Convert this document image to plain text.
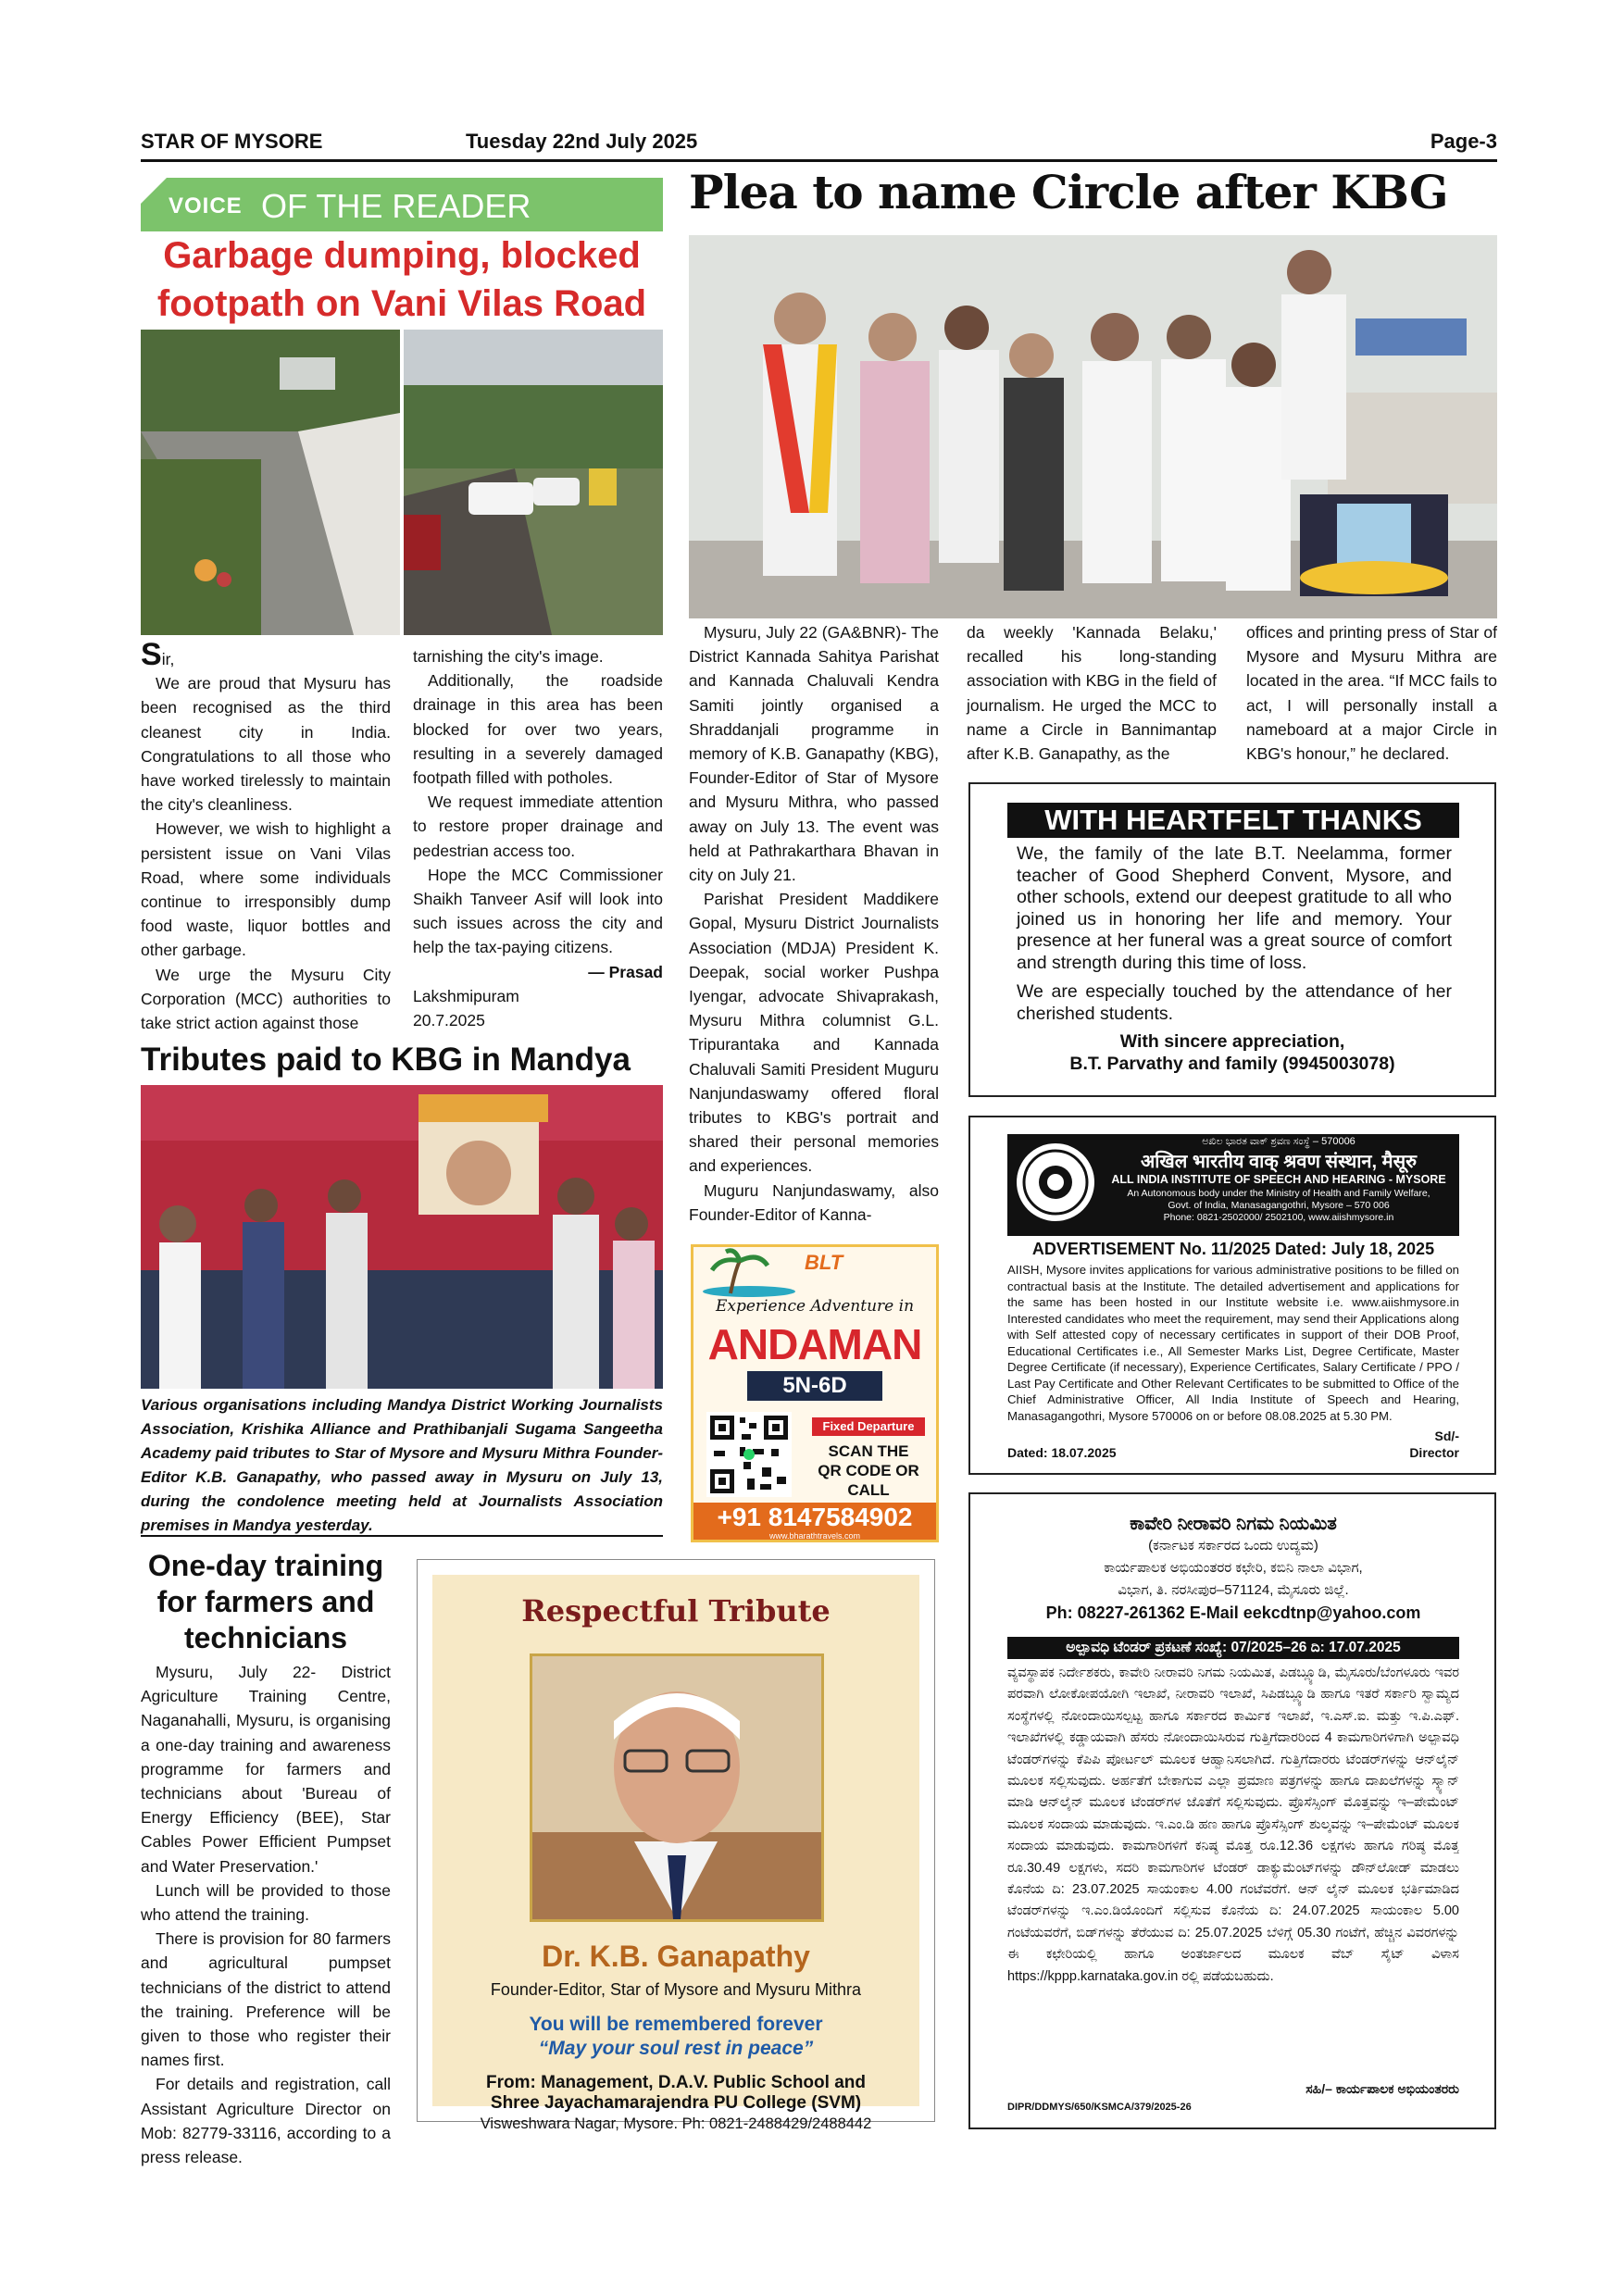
STAR OF MYSORE	Tuesday 22nd July 2025	Page-3
VOICE OF THE READER
Garbage dumping, blocked
footpath on Vani Vilas Road

Sir,

We are proud that Mysuru has been recognised as the third cleanest city in India. Congratulations to all those who have worked tirelessly to maintain the city's cleanliness.

However, we wish to highlight a persistent issue on Vani Vilas Road, where some individuals continue to irresponsibly dump food waste, liquor bottles and other garbage.

We urge the Mysuru City Corporation (MCC) authorities to take strict action against those

tarnishing the city's image.

Additionally, the roadside drainage in this area has been blocked for over two years, resulting in a severely damaged footpath filled with potholes.

We request immediate attention to restore proper drainage and pedestrian access too.

Hope the MCC Commissioner Shaikh Tanveer Asif will look into such issues across the city and help the tax-paying citizens.

— Prasad

Lakshmipuram

20.7.2025

Tributes paid to KBG in Mandya
Various organisations including Mandya District Working Journalists Association, Krishika Alliance and Prathibanjali Sugama Sangeetha Academy paid tributes to Star of Mysore and Mysuru Mithra Founder-Editor K.B. Ganapathy, who passed away in Mysuru on July 13, during the condolence meeting held at Journalists Association premises in Mandya yesterday.
One-day training
for farmers and
technicians

Mysuru, July 22- District Agriculture Training Centre, Naganahalli, Mysuru, is organising a one-day training and awareness programme for farmers and technicians about 'Bureau of Energy Efficiency (BEE), Star Cables Power Efficient Pumpset and Water Preservation.'

Lunch will be provided to those who attend the training.

There is provision for 80 farmers and agricultural pumpset technicians of the district to attend the training. Preference will be given to those who register their names first.

For details and registration, call Assistant Agriculture Director on Mob: 82779-33116, according to a press release.

Respectful Tribute
Dr. K.B. Ganapathy
Founder-Editor, Star of Mysore and Mysuru Mithra
You will be remembered forever
“May your soul rest in peace”
From: Management, D.A.V. Public School and
Shree Jayachamarajendra PU College (SVM)
Visweshwara Nagar, Mysore. Ph: 0821-2488429/2488442
Plea to name Circle after KBG

Mysuru, July 22 (GA&BNR)- The District Kannada Sahitya Parishat and Kannada Chaluvali Kendra Samiti jointly organised a Shraddanjali programme in memory of K.B. Ganapathy (KBG), Founder-Editor of Star of Mysore and Mysuru Mithra, who passed away on July 13. The event was held at Pathrakarthara Bhavan in city on July 21.

Parishat President Maddikere Gopal, Mysuru District Journalists Association (MDJA) President K. Deepak, social worker Pushpa Iyengar, advocate Shivaprakash, Mysuru Mithra columnist G.L. Tripurantaka and Kannada Chaluvali Samiti President Muguru Nanjundaswamy offered floral tributes to KBG's portrait and shared their personal memories and experiences.

Muguru Nanjundaswamy, also Founder-Editor of Kanna-

da weekly 'Kannada Belaku,' recalled his long-standing association with KBG in the field of journalism. He urged the MCC to name a Circle in Bannimantap after K.B. Ganapathy, as the

offices and printing press of Star of Mysore and Mysuru Mithra are located in the area. “If MCC fails to act, I will personally install a nameboard at a major Circle in KBG's honour,” he declared.

WITH HEARTFELT THANKS

We, the family of the late B.T. Neelamma, former teacher of Good Shepherd Convent, Mysore, and other schools, extend our deepest gratitude to all who joined us in honoring her life and memory. Your presence at her funeral was a great source of comfort and strength during this time of loss.

We are especially touched by the attendance of her cherished students.

With sincere appreciation,
B.T. Parvathy and family (9945003078)
BLT
Experience Adventure in
ANDAMAN
5N-6D
Fixed Departure
SCAN THE
QR CODE OR CALL
+91 8147584902
www.bharathtravels.com
ಅಖಿಲ ಭಾರತ ವಾಕ್ ಶ್ರವಣ ಸಂಸ್ಥೆ – 570006
अखिल भारतीय वाक् श्रवण संस्थान, मैसूरु
ALL INDIA INSTITUTE OF SPEECH AND HEARING - MYSORE
An Autonomous body under the Ministry of Health and Family Welfare,
Govt. of India, Manasagangothri, Mysore – 570 006
Phone: 0821-2502000/ 2502100, www.aiishmysore.in
ADVERTISEMENT No. 11/2025 Dated: July 18, 2025
AIISH, Mysore invites applications for various administrative positions to be filled on contractual basis at the Institute. The detailed advertisement and applications for the same has been hosted in our Institute website i.e. www.aiishmysore.in Interested candidates who meet the requirement, may send their Applications along with Self attested copy of necessary certificates in support of their DOB Proof, Educational Certificates i.e., All Semester Marks List, Degree Certificate, Master Degree Certificate (if necessary), Experience Certificates, Salary Certificate / PPO / Last Pay Certificate and Other Relevant Certificates to be submitted to Office of the Chief Administrative Officer, All India Institute of Speech and Hearing, Manasagangothri, Mysore 570006 on or before 08.08.2025 at 5.30 PM.
Sd/-
Dated: 18.07.2025	Director
ಕಾವೇರಿ ನೀರಾವರಿ ನಿಗಮ ನಿಯಮಿತ
(ಕರ್ನಾಟಕ ಸರ್ಕಾರದ ಒಂದು ಉದ್ಯಮ)
ಕಾರ್ಯಪಾಲಕ ಅಭಿಯಂತರರ ಕಛೇರಿ, ಕಬಿನಿ ನಾಲಾ ವಿಭಾಗ,
ವಿಭಾಗ, ತಿ. ನರಸೀಪುರ–571124, ಮೈಸೂರು ಜಿಲ್ಲೆ.
Ph: 08227-261362 E-Mail eekcdtnp@yahoo.com
ಅಲ್ಪಾವಧಿ ಟೆಂಡರ್ ಪ್ರಕಟಣೆ ಸಂಖ್ಯೆ: 07/2025–26 ದಿ: 17.07.2025
ವ್ಯವಸ್ಥಾಪಕ ನಿರ್ದೇಶಕರು, ಕಾವೇರಿ ನೀರಾವರಿ ನಿಗಮ ನಿಯಮಿತ, ಪಿಡಬ್ಲ್ಯೂಡಿ, ಮೈಸೂರು/ಬೆಂಗಳೂರು ಇವರ ಪರವಾಗಿ ಲೋಕೋಪಯೋಗಿ ಇಲಾಖೆ, ನೀರಾವರಿ ಇಲಾಖೆ, ಸಿಪಿಡಬ್ಲ್ಯೂಡಿ ಹಾಗೂ ಇತರೆ ಸರ್ಕಾರಿ ಸ್ವಾಮ್ಯದ ಸಂಸ್ಥೆಗಳಲ್ಲಿ ನೋಂದಾಯಿಸಲ್ಪಟ್ಟ ಹಾಗೂ ಸರ್ಕಾರದ ಕಾರ್ಮಿಕ ಇಲಾಖೆ, ಇ.ಎಸ್.ಐ. ಮತ್ತು ಇ.ಪಿ.ಎಫ್. ಇಲಾಖೆಗಳಲ್ಲಿ ಕಡ್ಡಾಯವಾಗಿ ಹೆಸರು ನೋಂದಾಯಿಸಿರುವ ಗುತ್ತಿಗೆದಾರರಿಂದ 4 ಕಾಮಗಾರಿಗಳಿಗಾಗಿ ಅಲ್ಪಾವಧಿ ಟೆಂಡರ್‌ಗಳನ್ನು ಕೆಪಿಪಿ ಪೋರ್ಟಲ್ ಮೂಲಕ ಆಹ್ವಾನಿಸಲಾಗಿದೆ. ಗುತ್ತಿಗೆದಾರರು ಟೆಂಡರ್‌ಗಳನ್ನು ಆನ್‌ಲೈನ್ ಮೂಲಕ ಸಲ್ಲಿಸುವುದು. ಅರ್ಹತೆಗೆ ಬೇಕಾಗುವ ಎಲ್ಲಾ ಪ್ರಮಾಣ ಪತ್ರಗಳನ್ನು ಹಾಗೂ ದಾಖಲೆಗಳನ್ನು ಸ್ಕ್ಯಾನ್ ಮಾಡಿ ಆನ್‌ಲೈನ್ ಮೂಲಕ ಟೆಂಡರ್‌ಗಳ ಜೊತೆಗೆ ಸಲ್ಲಿಸುವುದು. ಪ್ರೊಸೆಸ್ಸಿಂಗ್ ಮೊತ್ತವನ್ನು ಇ–ಪೇಮೆಂಟ್ ಮೂಲಕ ಸಂದಾಯ ಮಾಡುವುದು. ಇ.ಎಂ.ಡಿ ಹಣ ಹಾಗೂ ಪ್ರೊಸೆಸ್ಸಿಂಗ್ ಶುಲ್ಕವನ್ನು ಇ–ಪೇಮೆಂಟ್ ಮೂಲಕ ಸಂದಾಯ ಮಾಡುವುದು. ಕಾಮಗಾರಿಗಳಿಗೆ ಕನಿಷ್ಠ ಮೊತ್ತ ರೂ.12.36 ಲಕ್ಷಗಳು ಹಾಗೂ ಗರಿಷ್ಠ ಮೊತ್ತ ರೂ.30.49 ಲಕ್ಷಗಳು, ಸದರಿ ಕಾಮಗಾರಿಗಳ ಟೆಂಡರ್ ಡಾಕ್ಯುಮೆಂಟ್‌ಗಳನ್ನು ಡೌನ್‌ಲೋಡ್ ಮಾಡಲು ಕೊನೆಯ ದಿ: 23.07.2025 ಸಾಯಂಕಾಲ 4.00 ಗಂಟೆವರೆಗೆ. ಆನ್ ಲೈನ್ ಮೂಲಕ ಭರ್ತಿಮಾಡಿದ ಟೆಂಡರ್‌ಗಳನ್ನು ಇ.ಎಂ.ಡಿಯೊಂದಿಗೆ ಸಲ್ಲಿಸುವ ಕೊನೆಯ ದಿ: 24.07.2025 ಸಾಯಂಕಾಲ 5.00 ಗಂಟೆಯವರೆಗೆ, ಬಿಡ್‌ಗಳನ್ನು ತೆರೆಯುವ ದಿ: 25.07.2025 ಬೆಳಿಗ್ಗೆ 05.30 ಗಂಟೆಗೆ, ಹೆಚ್ಚಿನ ವಿವರಗಳನ್ನು ಈ ಕಛೇರಿಯಲ್ಲಿ ಹಾಗೂ ಅಂತರ್ಜಾಲದ ಮೂಲಕ ವೆಬ್ ಸೈಟ್ ವಿಳಾಸ https://kppp.karnataka.gov.in ರಲ್ಲಿ ಪಡೆಯಬಹುದು.
ಸಹಿ/– ಕಾರ್ಯಪಾಲಕ ಅಭಿಯಂತರರು
DIPR/DDMYS/650/KSMCA/379/2025-26
